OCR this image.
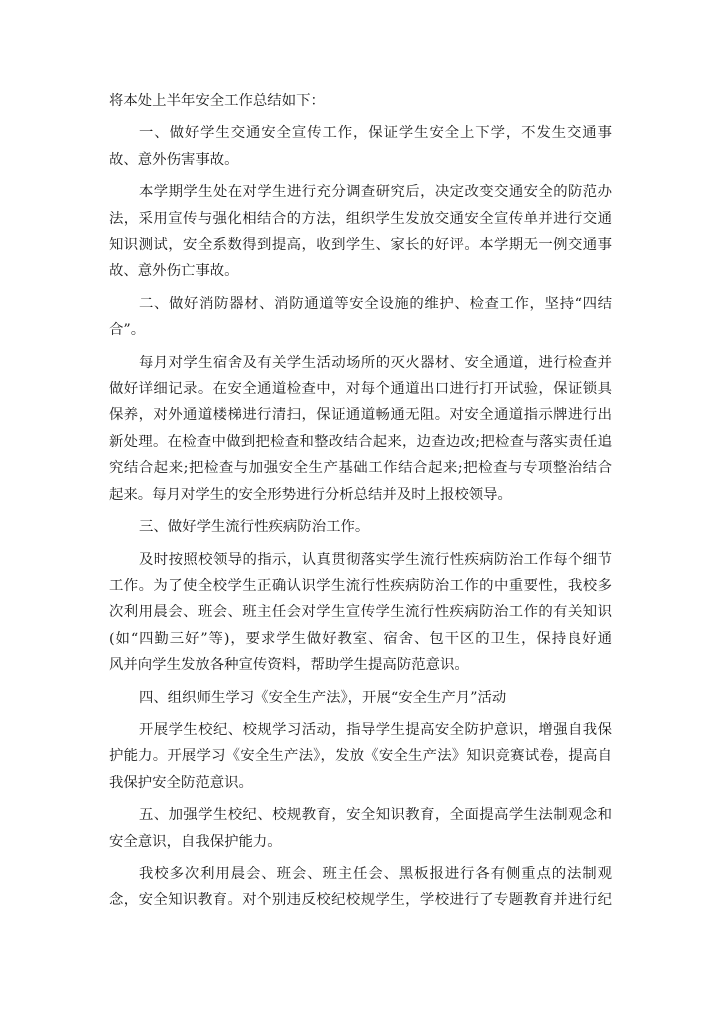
将本处上半年安全工作总结如下：
一、做好学生交通安全宣传工作，保证学生安全上下学，不发生交通事
故、意外伤害事故。
本学期学生处在对学生进行充分调查研究后，决定改变交通安全的防范办
法，采用宣传与强化相结合的方法，组织学生发放交通安全宣传单并进行交通
知识测试，安全系数得到提高，收到学生、家长的好评。本学期无一例交通事
故、意外伤亡事故。
二、做好消防器材、消防通道等安全设施的维护、检查工作，坚持“四结
合”。
每月对学生宿舍及有关学生活动场所的灭火器材、安全通道，进行检查并
做好详细记录。在安全通道检查中，对每个通道出口进行打开试验，保证锁具
保养，对外通道楼梯进行清扫，保证通道畅通无阻。对安全通道指示牌进行出
新处理。在检查中做到把检查和整改结合起来，边查边改;把检查与落实责任追
究结合起来;把检查与加强安全生产基础工作结合起来;把检查与专项整治结合
起来。每月对学生的安全形势进行分析总结并及时上报校领导。
三、做好学生流行性疾病防治工作。
及时按照校领导的指示，认真贯彻落实学生流行性疾病防治工作每个细节
工作。为了使全校学生正确认识学生流行性疾病防治工作的中重要性，我校多
次利用晨会、班会、班主任会对学生宣传学生流行性疾病防治工作的有关知识
(如“四勤三好”等)，要求学生做好教室、宿舍、包干区的卫生，保持良好通
风并向学生发放各种宣传资料，帮助学生提高防范意识。
四、组织师生学习《安全生产法》，开展“安全生产月”活动
开展学生校纪、校规学习活动，指导学生提高安全防护意识，增强自我保
护能力。开展学习《安全生产法》，发放《安全生产法》知识竞赛试卷，提高自
我保护安全防范意识。
五、加强学生校纪、校规教育，安全知识教育，全面提高学生法制观念和
安全意识，自我保护能力。
我校多次利用晨会、班会、班主任会、黑板报进行各有侧重点的法制观
念，安全知识教育。对个别违反校纪校规学生，学校进行了专题教育并进行纪
